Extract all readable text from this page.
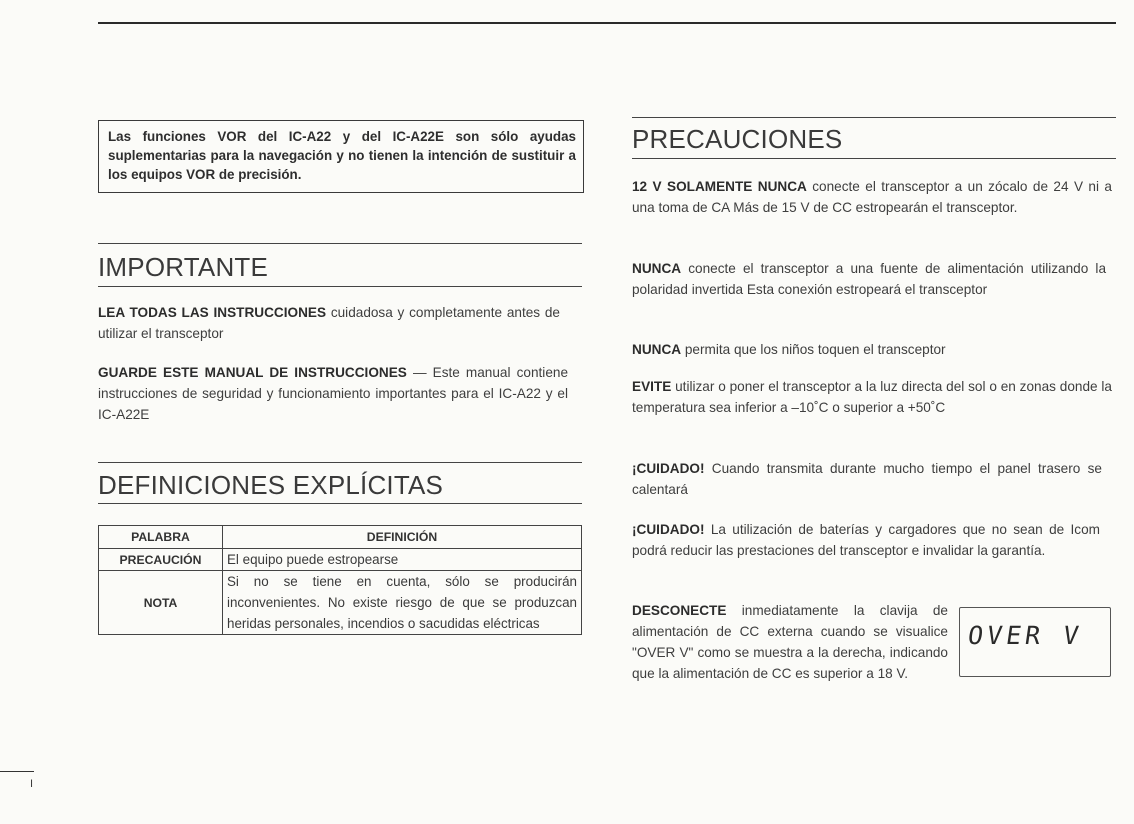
Las funciones VOR del IC-A22 y del IC-A22E son sólo ayudas suplementarias para la navegación y no tienen la intención de sustituir a los equipos VOR de precisión.
IMPORTANTE
LEA TODAS LAS INSTRUCCIONES cuidadosa y completamente antes de utilizar el transceptor
GUARDE ESTE MANUAL DE INSTRUCCIONES — Este manual contiene instrucciones de seguridad y funcionamiento importantes para el IC-A22 y el IC-A22E
DEFINICIONES EXPLÍCITAS
PALABRA	DEFINICIÓN
PRECAUCIÓN	El equipo puede estropearse
NOTA	Si no se tiene en cuenta, sólo se producirán inconvenientes. No existe riesgo de que se produzcan heridas personales, incendios o sacudidas eléctricas
PRECAUCIONES
12 V SOLAMENTE NUNCA conecte el transceptor a un zócalo de 24 V ni a una toma de CA Más de 15 V de CC estropearán el transceptor.
NUNCA conecte el transceptor a una fuente de alimentación utilizando la polaridad invertida Esta conexión estropeará el transceptor
NUNCA permita que los niños toquen el transceptor
EVITE utilizar o poner el transceptor a la luz directa del sol o en zonas donde la temperatura sea inferior a –10˚C o superior a +50˚C
¡CUIDADO! Cuando transmita durante mucho tiempo el panel trasero se calentará
¡CUIDADO! La utilización de baterías y cargadores que no sean de Icom podrá reducir las prestaciones del transceptor e invalidar la garantía.
DESCONECTE inmediatamente la clavija de alimentación de CC externa cuando se visualice "OVER V" como se muestra a la derecha, indicando que la alimentación de CC es superior a 18 V.
OVER V
I
